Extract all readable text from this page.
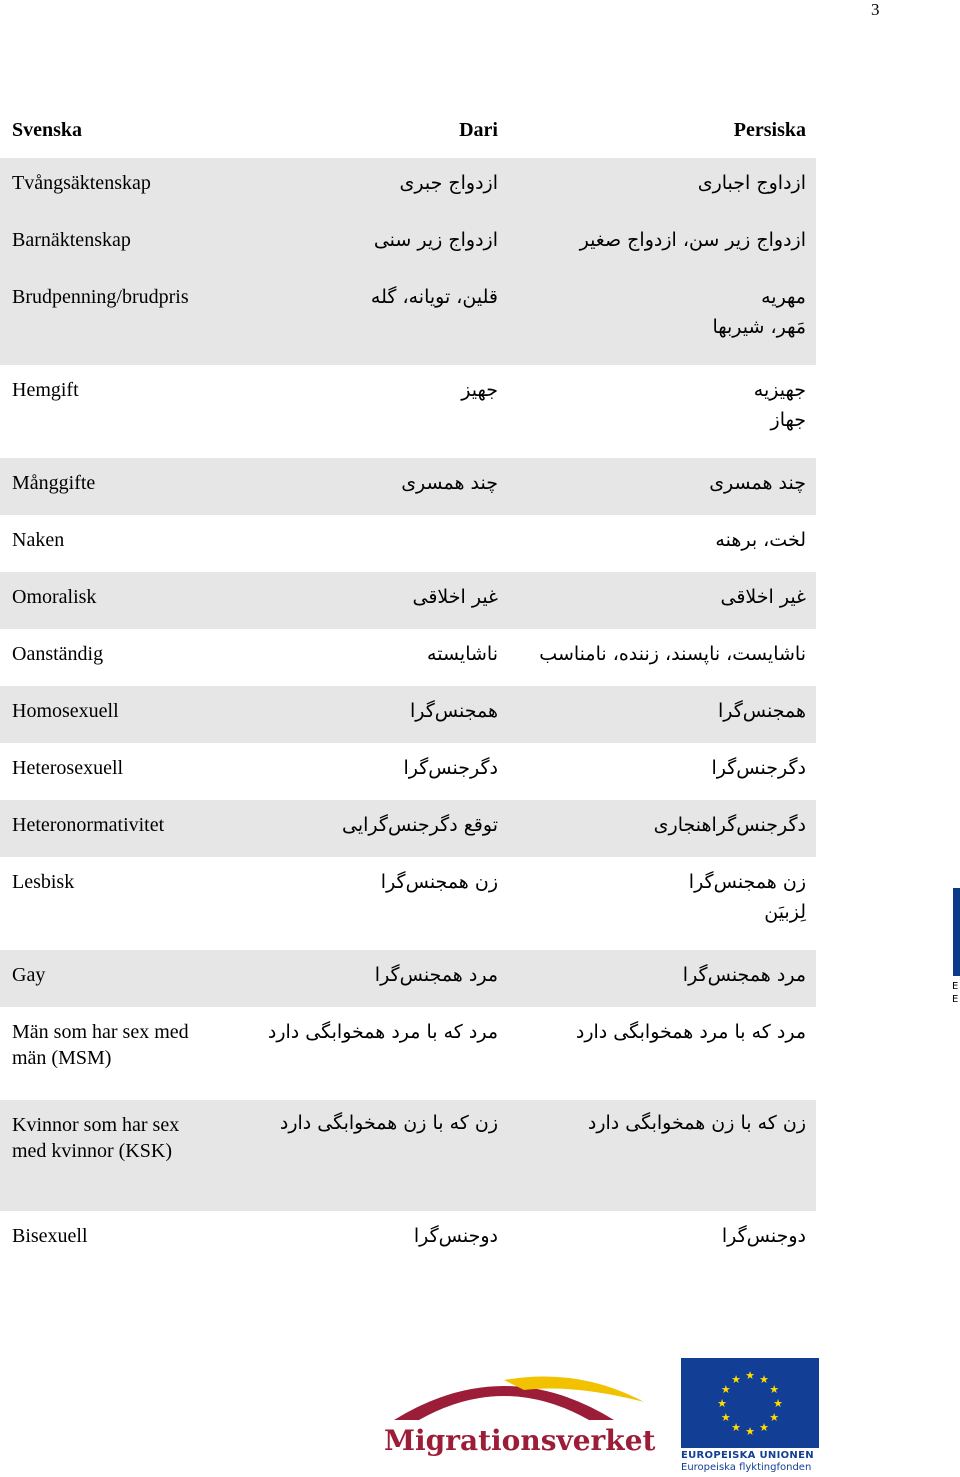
3
Svenska	Dari	Persiska

Tvångsäktenskap	ازدواج جبری	ازداوج اجباری

Barnäktenskap	ازدواج زیر سنی	ازدواج زیر سن، ازدواج صغیر

Brudpenning/brudpris	قلین، تویانه، گله	مهریه
مَهر، شیربها

Hemgift	جهیز	جهیزیه
جهاز

Månggifte	چند همسری	چند همسری

Naken		لخت، برهنه

Omoralisk	غیر اخلاقی	غیر اخلاقی

Oanständig	ناشایسته	ناشایست، ناپسند، زننده، نامناسب

Homosexuell	همجنس‌گرا	همجنس‌گرا

Heterosexuell	دگرجنس‌گرا	دگرجنس‌گرا

Heteronormativitet	توقع دگرجنس‌گرایی	دگرجنس‌گراهنجاری

Lesbisk	زن همجنس‌گرا	زن همجنس‌گرا
لِزبیَن

Gay	مرد همجنس‌گرا	مرد همجنس‌گرا

Män som har sex med
män (MSM)	مرد که با مرد همخوابگی دارد	مرد که با مرد همخوابگی دارد

Kvinnor som har sex
med kvinnor (KSK)	زن که با زن همخوابگی دارد	زن که با زن همخوابگی دارد

Bisexuell	دوجنس‌گرا	دوجنس‌گرا
E
E
Migrationsverket
★ ★
★
★
★
★
★
★
★
★
★
★
EUROPEISKA UNIONEN
Europeiska flyktingfonden
